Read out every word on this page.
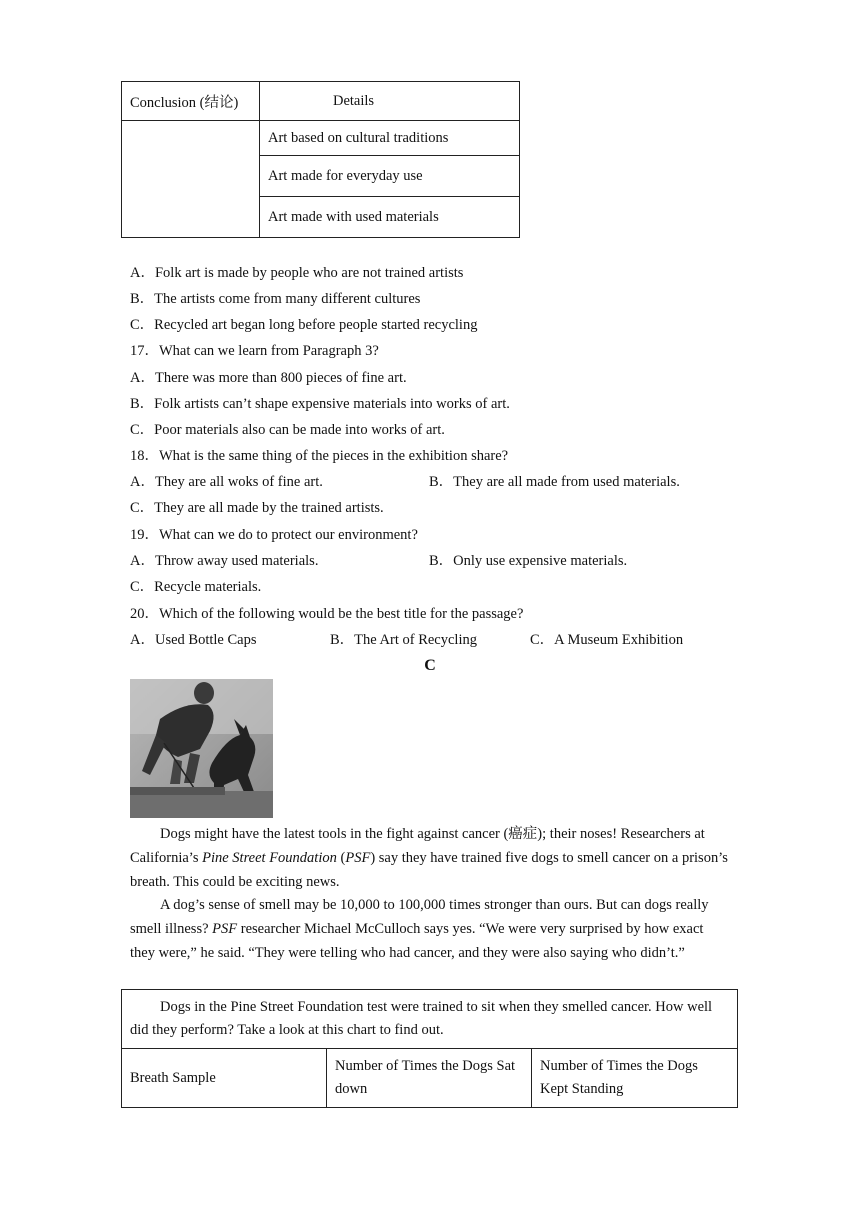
Conclusion (结论)	Details
	Art based on cultural traditions
	Art made for everyday use
	Art made with used materials
A．Folk art is made by people who are not trained artists
B．The artists come from many different cultures
C．Recycled art began long before people started recycling
17．What can we learn from Paragraph 3?
A．There was more than 800 pieces of fine art.
B．Folk artists can’t shape expensive materials into works of art.
C．Poor materials also can be made into works of art.
18．What is the same thing of the pieces in the exhibition share?
A．They are all woks of fine art.	B．They are all made from used materials.
C．They are all made by the trained artists.
19．What can we do to protect our environment?
A．Throw away used materials.	B．Only use expensive materials.
C．Recycle materials.
20．Which of the following would be the best title for the passage?
A．Used Bottle Caps	B．The Art of Recycling	C．A Museum Exhibition
C
Dogs might have the latest tools in the fight against cancer (癌症); their noses! Researchers at California’s Pine Street Foundation (PSF) say they have trained five dogs to smell cancer on a prison’s breath. This could be exciting news.
A dog’s sense of smell may be 10,000 to 100,000 times stronger than ours. But can dogs really smell illness? PSF researcher Michael McCulloch says yes. “We were very surprised by how exact they were,” he said. “They were telling who had cancer, and they were also saying who didn’t.”
Dogs in the Pine Street Foundation test were trained to sit when they smelled cancer. How well did they perform? Take a look at this chart to find out.
Breath Sample	Number of Times the Dogs Sat down	Number of Times the Dogs Kept Standing
